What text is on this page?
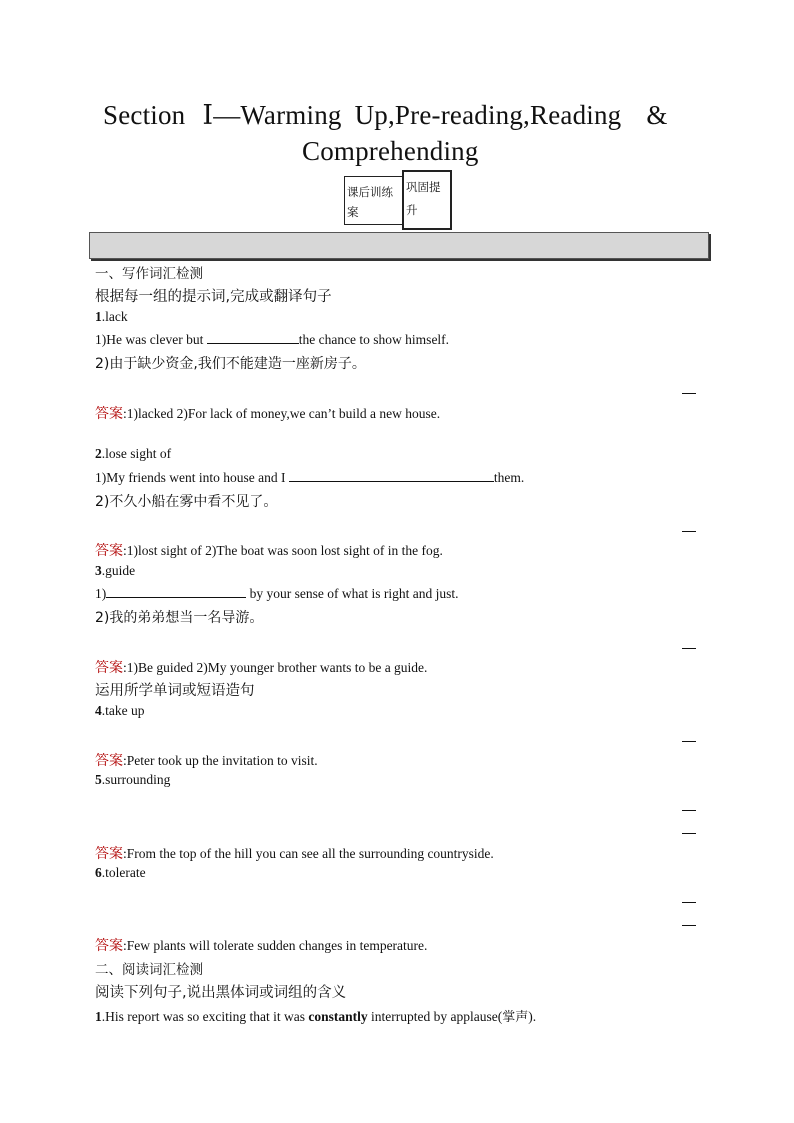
Section Ⅰ—Warming Up,Pre-reading,Reading &
Comprehending
课后训练
案
巩固提
升
一、写作词汇检测
根据每一组的提示词,完成或翻译句子
1.lack
1)He was clever but	the chance to show himself.
2)由于缺少资金,我们不能建造一座新房子。
答案:1)lacked 2)For lack of money,we can’t build a new house.
2.lose sight of
1)My friends went into house and I	them.
2)不久小船在雾中看不见了。
答案:1)lost sight of 2)The boat was soon lost sight of in the fog.
3.guide
1)	by your sense of what is right and just.
2)我的弟弟想当一名导游。
答案:1)Be guided 2)My younger brother wants to be a guide.
运用所学单词或短语造句
4.take up
答案:Peter took up the invitation to visit.
5.surrounding
答案:From the top of the hill you can see all the surrounding countryside.
6.tolerate
答案:Few plants will tolerate sudden changes in temperature.
二、阅读词汇检测
阅读下列句子,说出黑体词或词组的含义
1.His report was so exciting that it was constantly interrupted by applause(掌声).
